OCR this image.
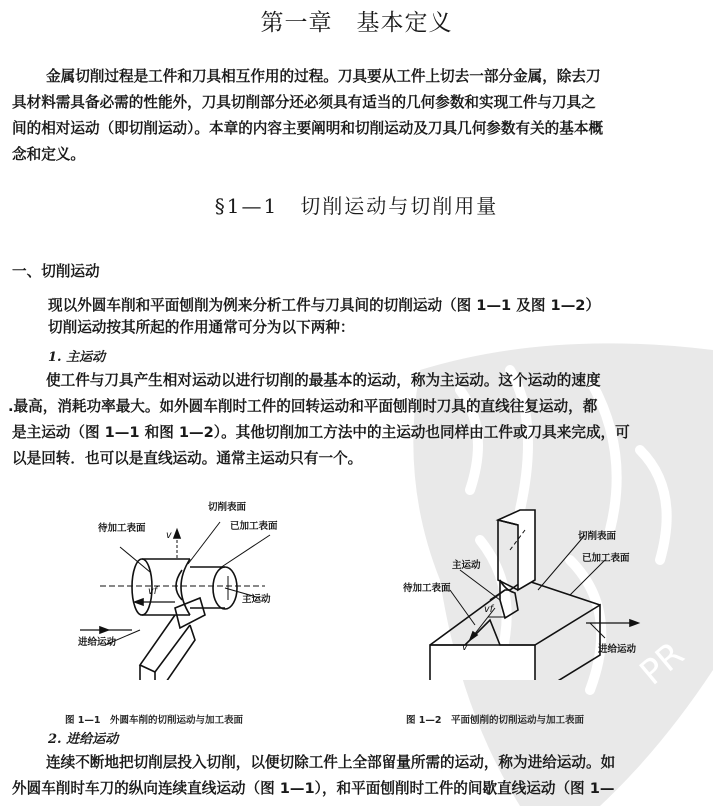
PR
第一章　基本定义
金属切削过程是工件和刀具相互作用的过程。刀具要从工件上切去一部分金属，除去刀
具材料需具备必需的性能外，刀具切削部分还必须具有适当的几何参数和实现工件与刀具之
间的相对运动（即切削运动）。本章的内容主要阐明和切削运动及刀具几何参数有关的基本概
念和定义。
§1—1　切削运动与切削用量
一、切削运动
现以外圆车削和平面刨削为例来分析工件与刀具间的切削运动（图 1—1 及图 1—2）
切削运动按其所起的作用通常可分为以下两种：
1. 主运动
使工件与刀具产生相对运动以进行切削的最基本的运动，称为主运动。这个运动的速度
.最高，消耗功率最大。如外圆车削时工件的回转运动和平面刨削时刀具的直线往复运动，都
是主运动（图 1—1 和图 1—2）。其他切削加工方法中的主运动也同样由工件或刀具来完成，可
以是回转．也可以是直线运动。通常主运动只有一个。
切削表面
待加工表面	已加工表面
主运动
进给运动
v
vf
图 1—1　外圆车削的切削运动与加工表面
切削表面
已加工表面
主运动
待加工表面
进给运动
v
vf
图 1—2　平面刨削的切削运动与加工表面
2. 进给运动
连续不断地把切削层投入切削，以便切除工件上全部留量所需的运动，称为进给运动。如
外圆车削时车刀的纵向连续直线运动（图 1—1），和平面刨削时工件的间歇直线运动（图 1—
